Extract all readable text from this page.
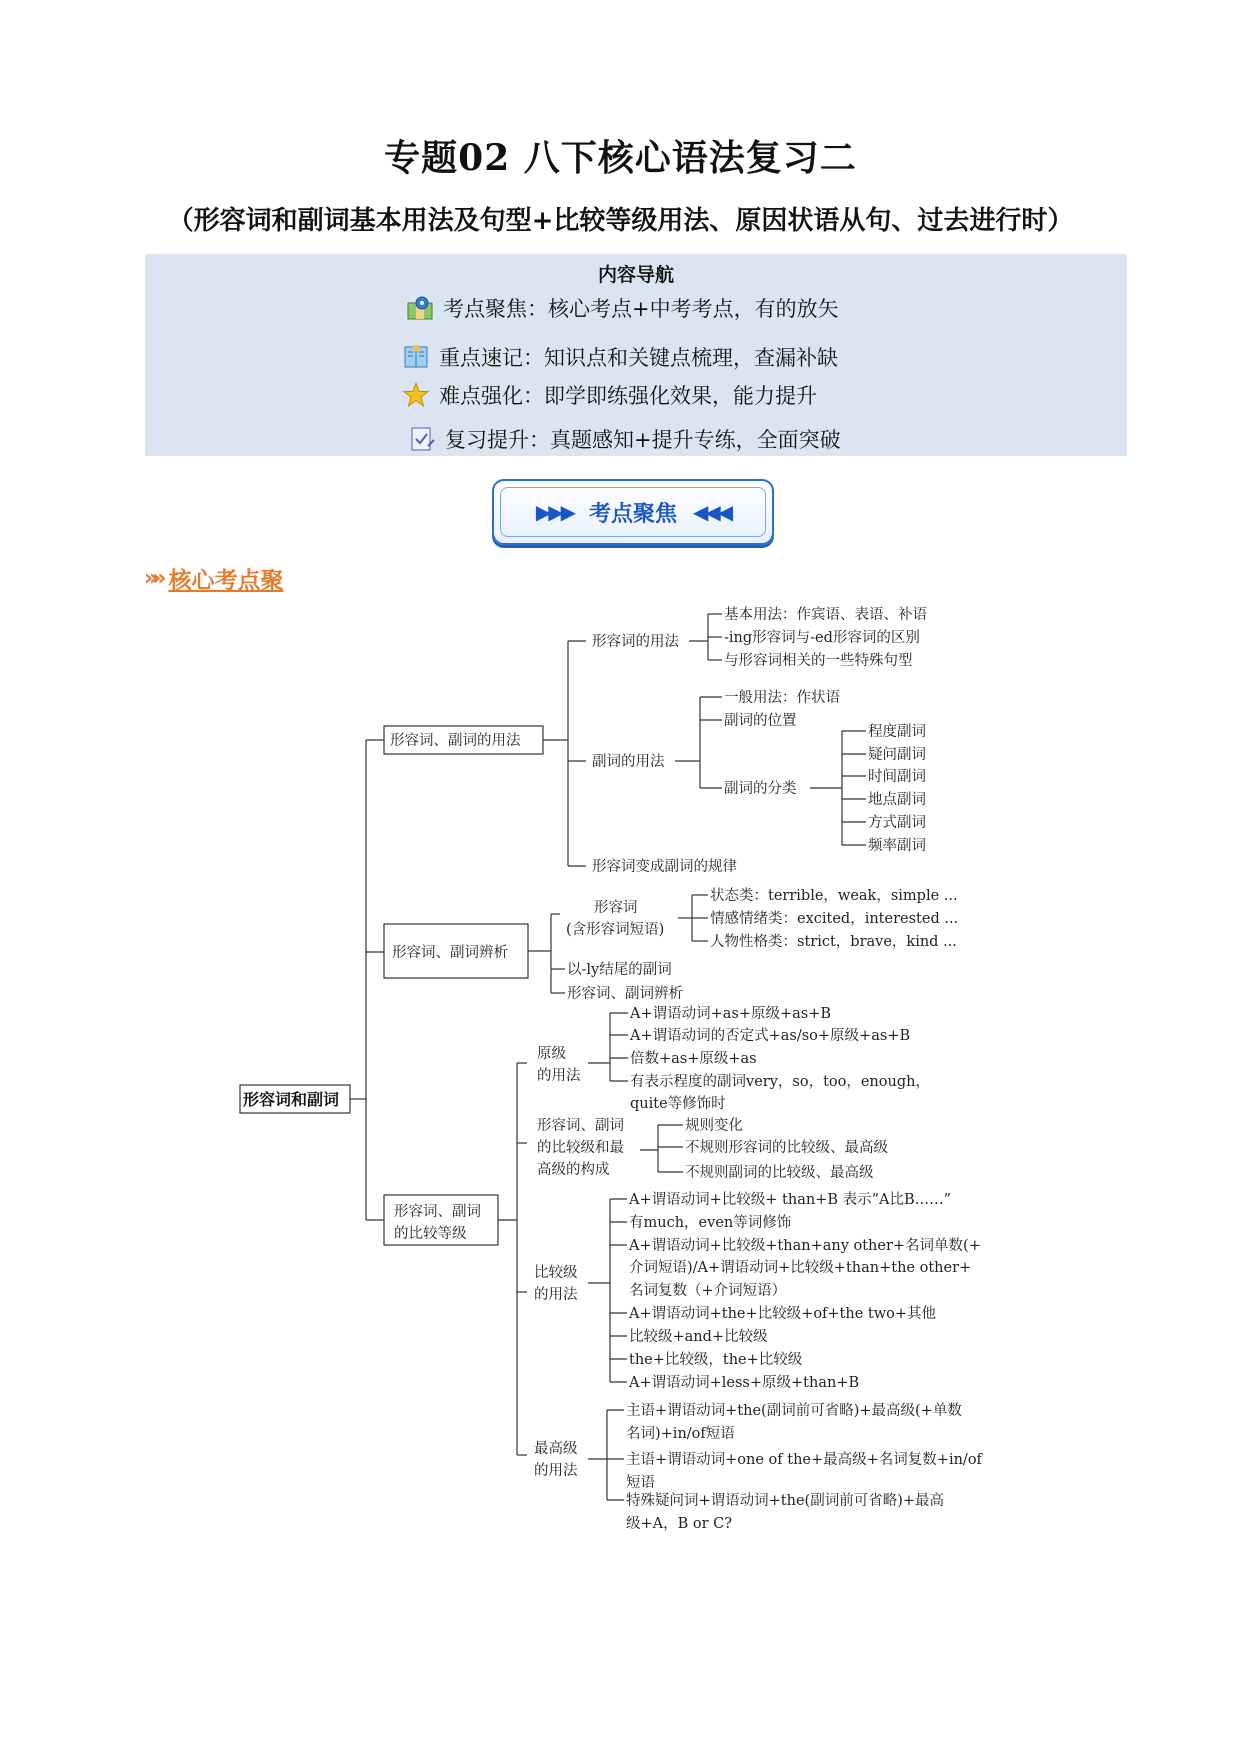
专题02 八下核心语法复习二
（形容词和副词基本用法及句型+比较等级用法、原因状语从句、过去进行时）
内容导航
考点聚焦：核心考点+中考考点，有的放矢
重点速记：知识点和关键点梳理，查漏补缺
难点强化：即学即练强化效果，能力提升
复习提升：真题感知+提升专练，全面突破
▶▶▶ 考点聚焦 ◀◀◀
»» 核心考点聚
形容词和副词
形容词、副词的用法
形容词的用法
基本用法：作宾语、表语、补语
-ing形容词与-ed形容词的区别
与形容词相关的一些特殊句型
副词的用法
一般用法：作状语
副词的位置
副词的分类
程度副词
疑问副词
时间副词
地点副词
方式副词
频率副词
形容词变成副词的规律
形容词、副词辨析
形容词
(含形容词短语)
状态类：terrible，weak，simple ...
情感情绪类：excited，interested ...
人物性格类：strict，brave，kind ...
以-ly结尾的副词
形容词、副词辨析
形容词、副词
的比较等级
原级
的用法
A+谓语动词+as+原级+as+B
A+谓语动词的否定式+as/so+原级+as+B
倍数+as+原级+as
有表示程度的副词very，so，too，enough，
quite等修饰时
形容词、副词
的比较级和最
高级的构成
规则变化
不规则形容词的比较级、最高级
不规则副词的比较级、最高级
比较级
的用法
A+谓语动词+比较级+ than+B 表示“A比B……”
有much，even等词修饰
A+谓语动词+比较级+than+any other+名词单数(+
介词短语)/A+谓语动词+比较级+than+the other+
名词复数（+介词短语）
A+谓语动词+the+比较级+of+the two+其他
比较级+and+比较级
the+比较级，the+比较级
A+谓语动词+less+原级+than+B
最高级
的用法
主语+谓语动词+the(副词前可省略)+最高级(+单数
名词)+in/of短语
主语+谓语动词+one of the+最高级+名词复数+in/of
短语
特殊疑问词+谓语动词+the(副词前可省略)+最高
级+A，B or C?
